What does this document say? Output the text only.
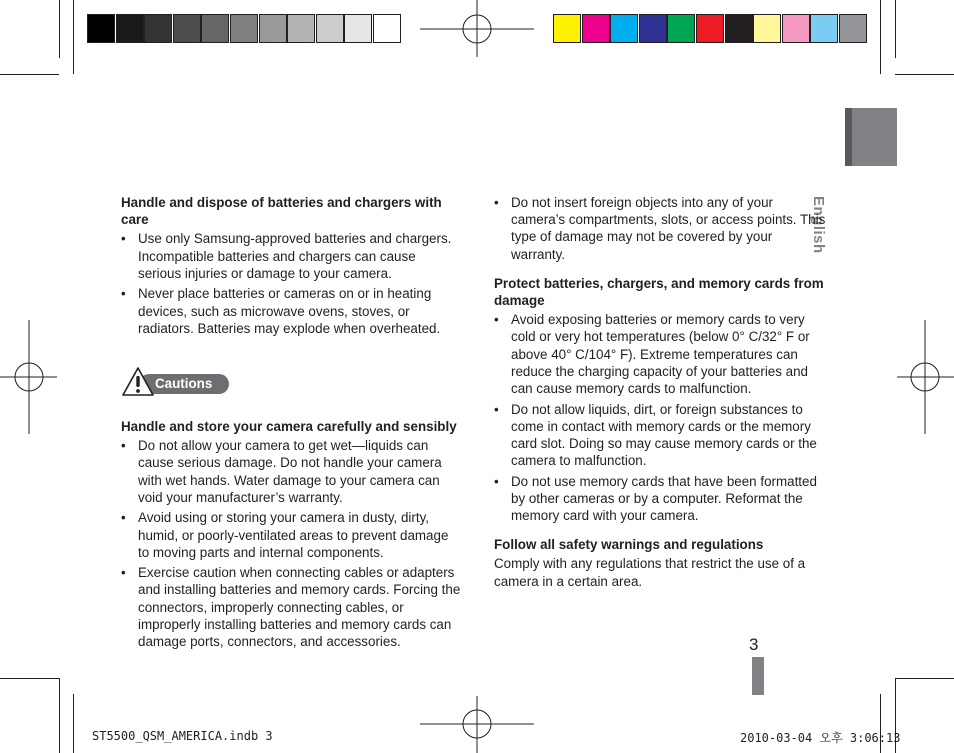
English

Handle and dispose of batteries and chargers with care

• Use only Samsung-approved batteries and chargers. Incompatible batteries and chargers can cause serious injuries or damage to your camera.
• Never place batteries or cameras on or in heating devices, such as microwave ovens, stoves, or radiators. Batteries may explode when overheated.
Cautions

Handle and store your camera carefully and sensibly

• Do not allow your camera to get wet—liquids can cause serious damage. Do not handle your camera with wet hands. Water damage to your camera can void your manufacturer’s warranty.
• Avoid using or storing your camera in dusty, dirty, humid, or poorly-ventilated areas to prevent damage to moving parts and internal components.
• Exercise caution when connecting cables or adapters and installing batteries and memory cards. Forcing the connectors, improperly connecting cables, or improperly installing batteries and memory cards can damage ports, connectors, and accessories.
• Do not insert foreign objects into any of your camera’s compartments, slots, or access points. This type of damage may not be covered by your warranty.

Protect batteries, chargers, and memory cards from damage

• Avoid exposing batteries or memory cards to very cold or very hot temperatures (below 0° C/32° F or above 40° C/104° F). Extreme temperatures can reduce the charging capacity of your batteries and can cause memory cards to malfunction.
• Do not allow liquids, dirt, or foreign substances to come in contact with memory cards or the memory card slot. Doing so may cause memory cards or the camera to malfunction.
• Do not use memory cards that have been formatted by other cameras or by a computer. Reformat the memory card with your camera.

Follow all safety warnings and regulations

Comply with any regulations that restrict the use of a camera in a certain area.

3
ST5500_QSM_AMERICA.indb 3	2010-03-04 오후 3:06:13
